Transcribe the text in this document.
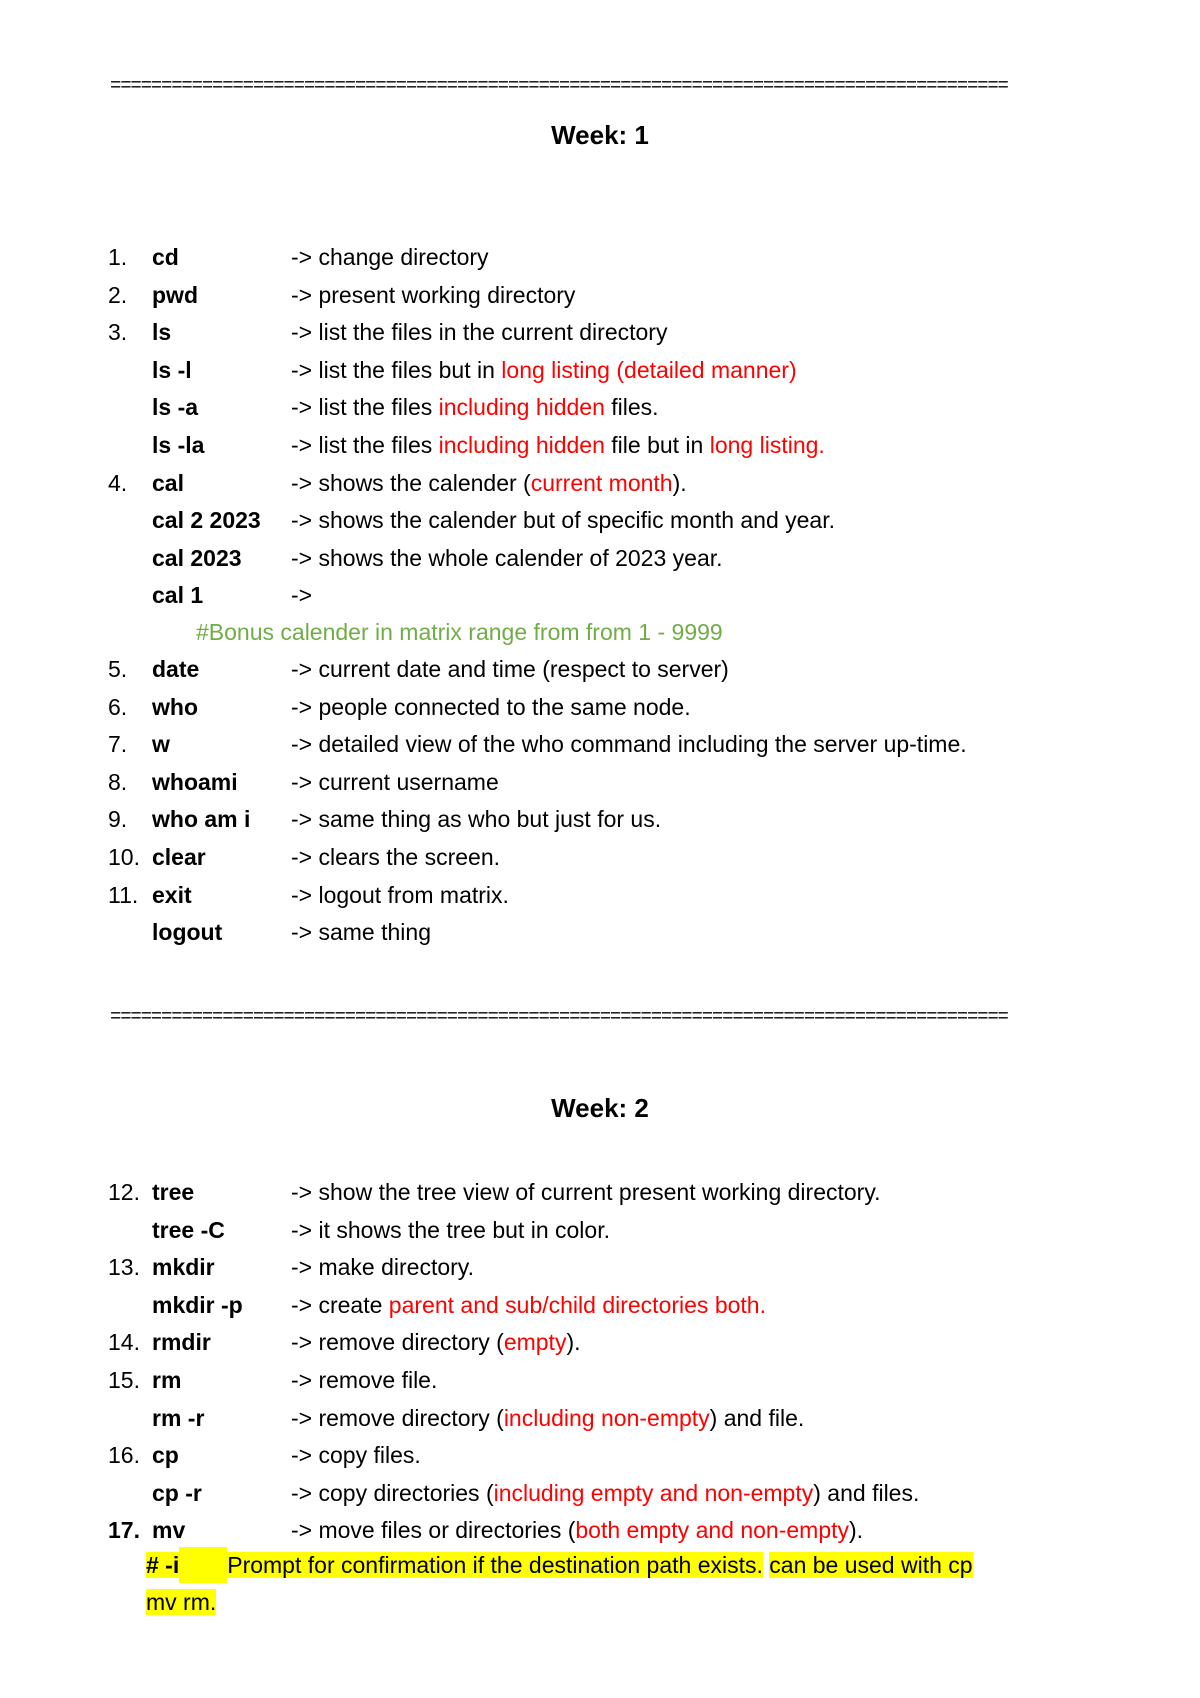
========================================================================================
Week: 1
1.	cd	-> change directory
2.	pwd	-> present working directory
3.	ls	-> list the files in the current directory
ls -l	-> list the files but in long listing (detailed manner)
ls -a	-> list the files including hidden files.
ls -la	-> list the files including hidden file but in long listing.
4.	cal	-> shows the calender (current month).
cal 2 2023 -> shows the calender but of specific month and year.
cal 2023 -> shows the whole calender of 2023 year.
cal 1	->
#Bonus calender in matrix range from from 1 - 9999
5.	date	-> current date and time (respect to server)
6.	who	-> people connected to the same node.
7.	w	-> detailed view of the who command including the server up-time.
8.	whoami -> current username
9.	who am i -> same thing as who but just for us.
10. clear	-> clears the screen.
11. exit	-> logout from matrix.
logout	-> same thing
========================================================================================
Week: 2
12. tree	-> show the tree view of current present working directory.
tree -C	-> it shows the tree but in color.
13. mkdir	-> make directory.
mkdir -p -> create parent and sub/child directories both.
14. rmdir	-> remove directory (empty).
15. rm	-> remove file.
rm -r	-> remove directory (including non-empty) and file.
16. cp	-> copy files.
cp -r	-> copy directories (including empty and non-empty) and files.
17. mv	-> move files or directories (both empty and non-empty).
# -i Prompt for confirmation if the destination path exists. can be used with cp
mv rm.
